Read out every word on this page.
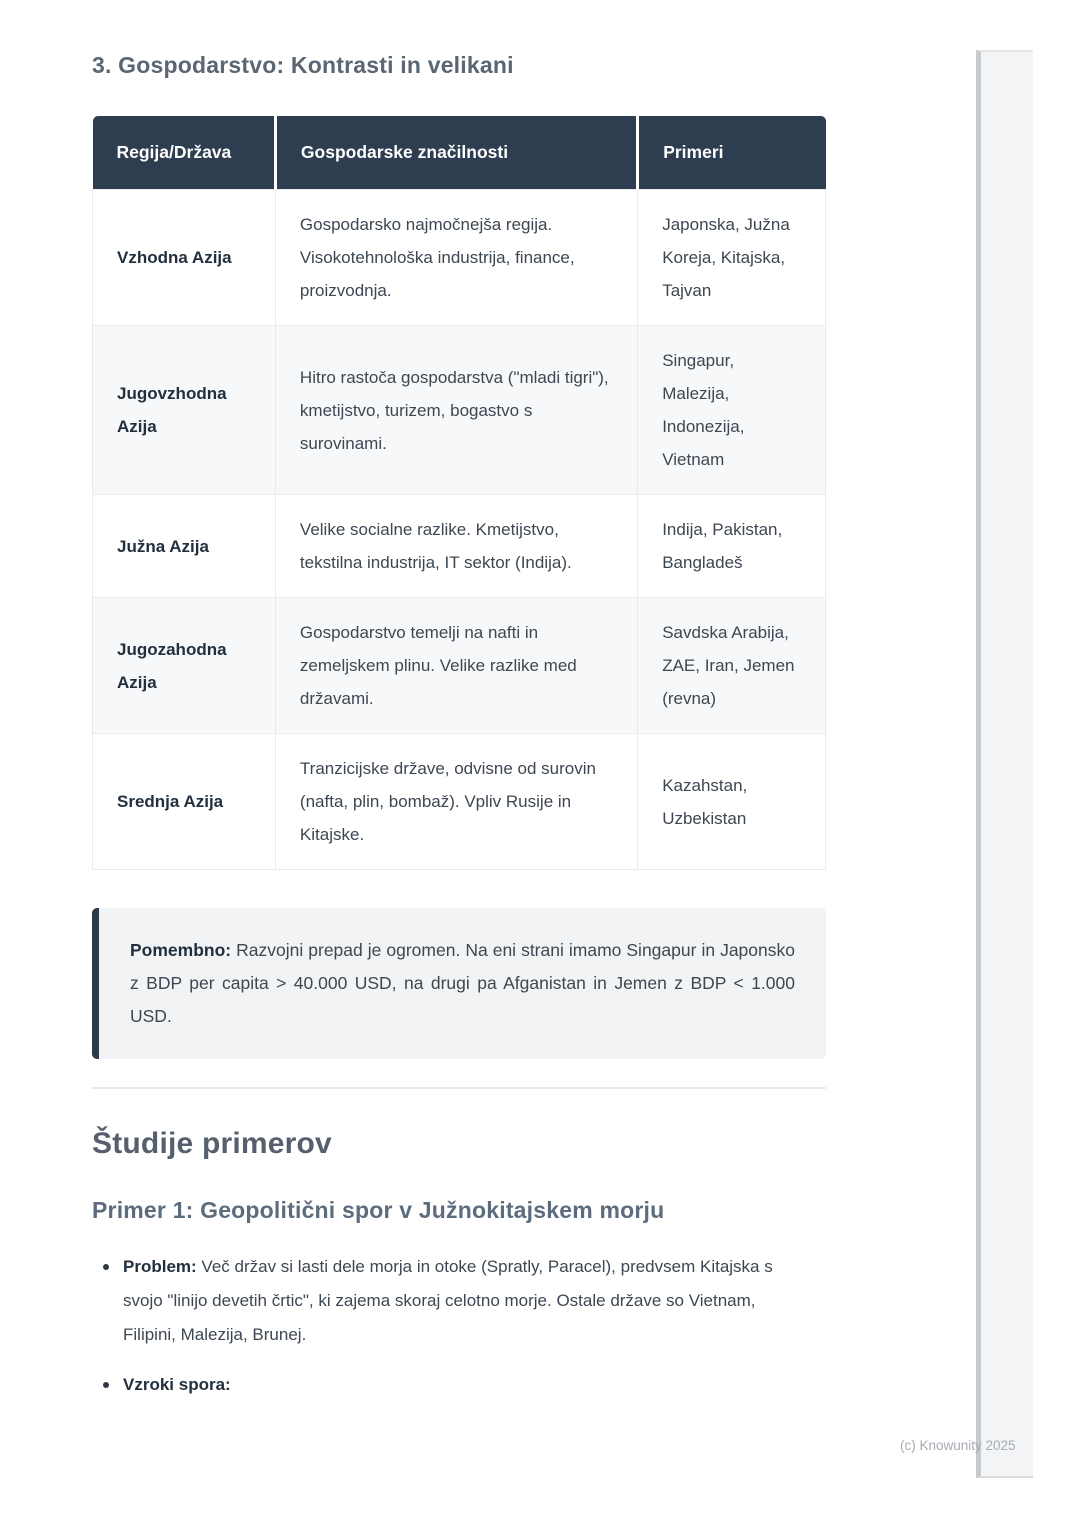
3. Gospodarstvo: Kontrasti in velikani
Regija/Država	Gospodarske značilnosti	Primeri
Vzhodna Azija	Gospodarsko najmočnejša regija. Visokotehnološka industrija, finance, proizvodnja.	Japonska, Južna Koreja, Kitajska, Tajvan
Jugovzhodna Azija	Hitro rastoča gospodarstva ("mladi tigri"), kmetijstvo, turizem, bogastvo s surovinami.	Singapur, Malezija, Indonezija, Vietnam
Južna Azija	Velike socialne razlike. Kmetijstvo, tekstilna industrija, IT sektor (Indija).	Indija, Pakistan, Bangladeš
Jugozahodna Azija	Gospodarstvo temelji na nafti in zemeljskem plinu. Velike razlike med državami.	Savdska Arabija, ZAE, Iran, Jemen (revna)
Srednja Azija	Tranzicijske države, odvisne od surovin (nafta, plin, bombaž). Vpliv Rusije in Kitajske.	Kazahstan, Uzbekistan
Pomembno: Razvojni prepad je ogromen. Na eni strani imamo Singapur in Japonsko z BDP per capita > 40.000 USD, na drugi pa Afganistan in Jemen z BDP < 1.000 USD.
Študije primerov
Primer 1: Geopolitični spor v Južnokitajskem morju
Problem: Več držav si lasti dele morja in otoke (Spratly, Paracel), predvsem Kitajska s svojo "linijo devetih črtic", ki zajema skoraj celotno morje. Ostale države so Vietnam, Filipini, Malezija, Brunej.
Vzroki spora:
(c) Knowunity 2025
